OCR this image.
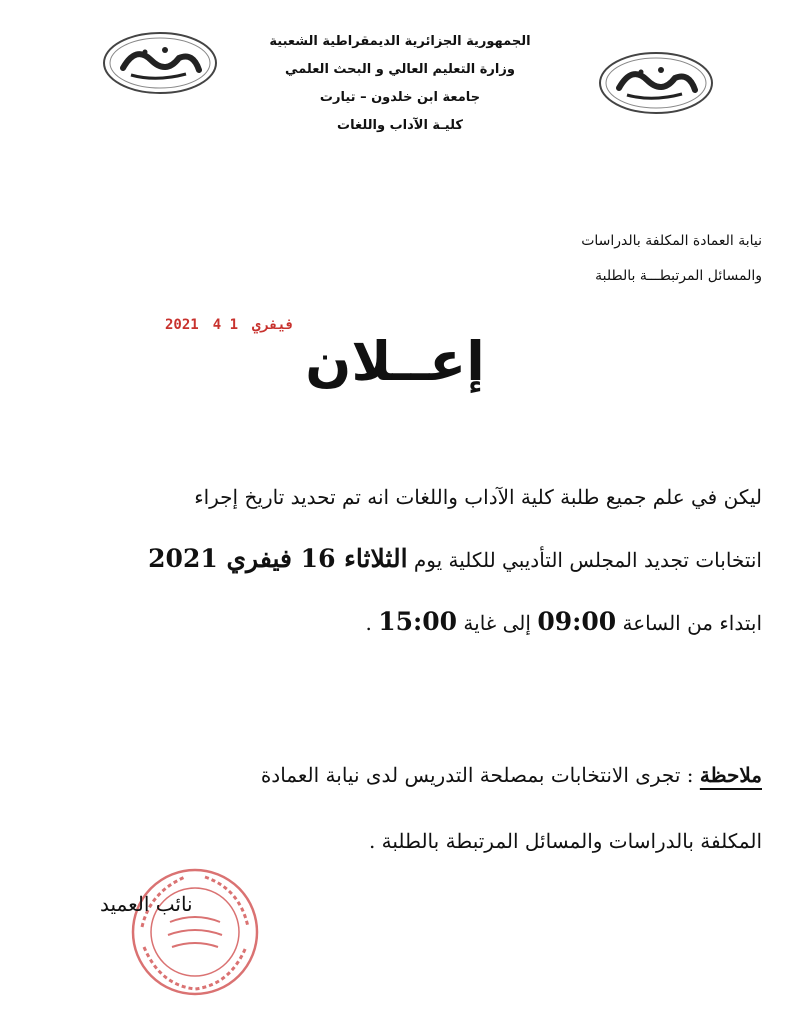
الجمهورية الجزائرية الديمقراطية الشعبية
وزارة التعليم العالي و البحث العلمي
جامعة ابن خلدون – تيارت
كليـة الآداب واللغات
نيابة العمادة المكلفة بالدراسات
والمسائل المرتبطـــة بالطلبة
2021	فيفري1 4
إعــلان
ليكن في علم جميع طلبة كلية الآداب واللغات انه تم تحديد تاريخ إجراء
انتخابات تجديد المجلس التأديبي للكلية يوم الثلاثاء 16 فيفري 2021
ابتداء من الساعة 09:00 إلى غاية 15:00 .
ملاحظة : تجرى الانتخابات بمصلحة التدريس لدى نيابة العمادة
المكلفة بالدراسات والمسائل المرتبطة بالطلبة .
نائب العميد
